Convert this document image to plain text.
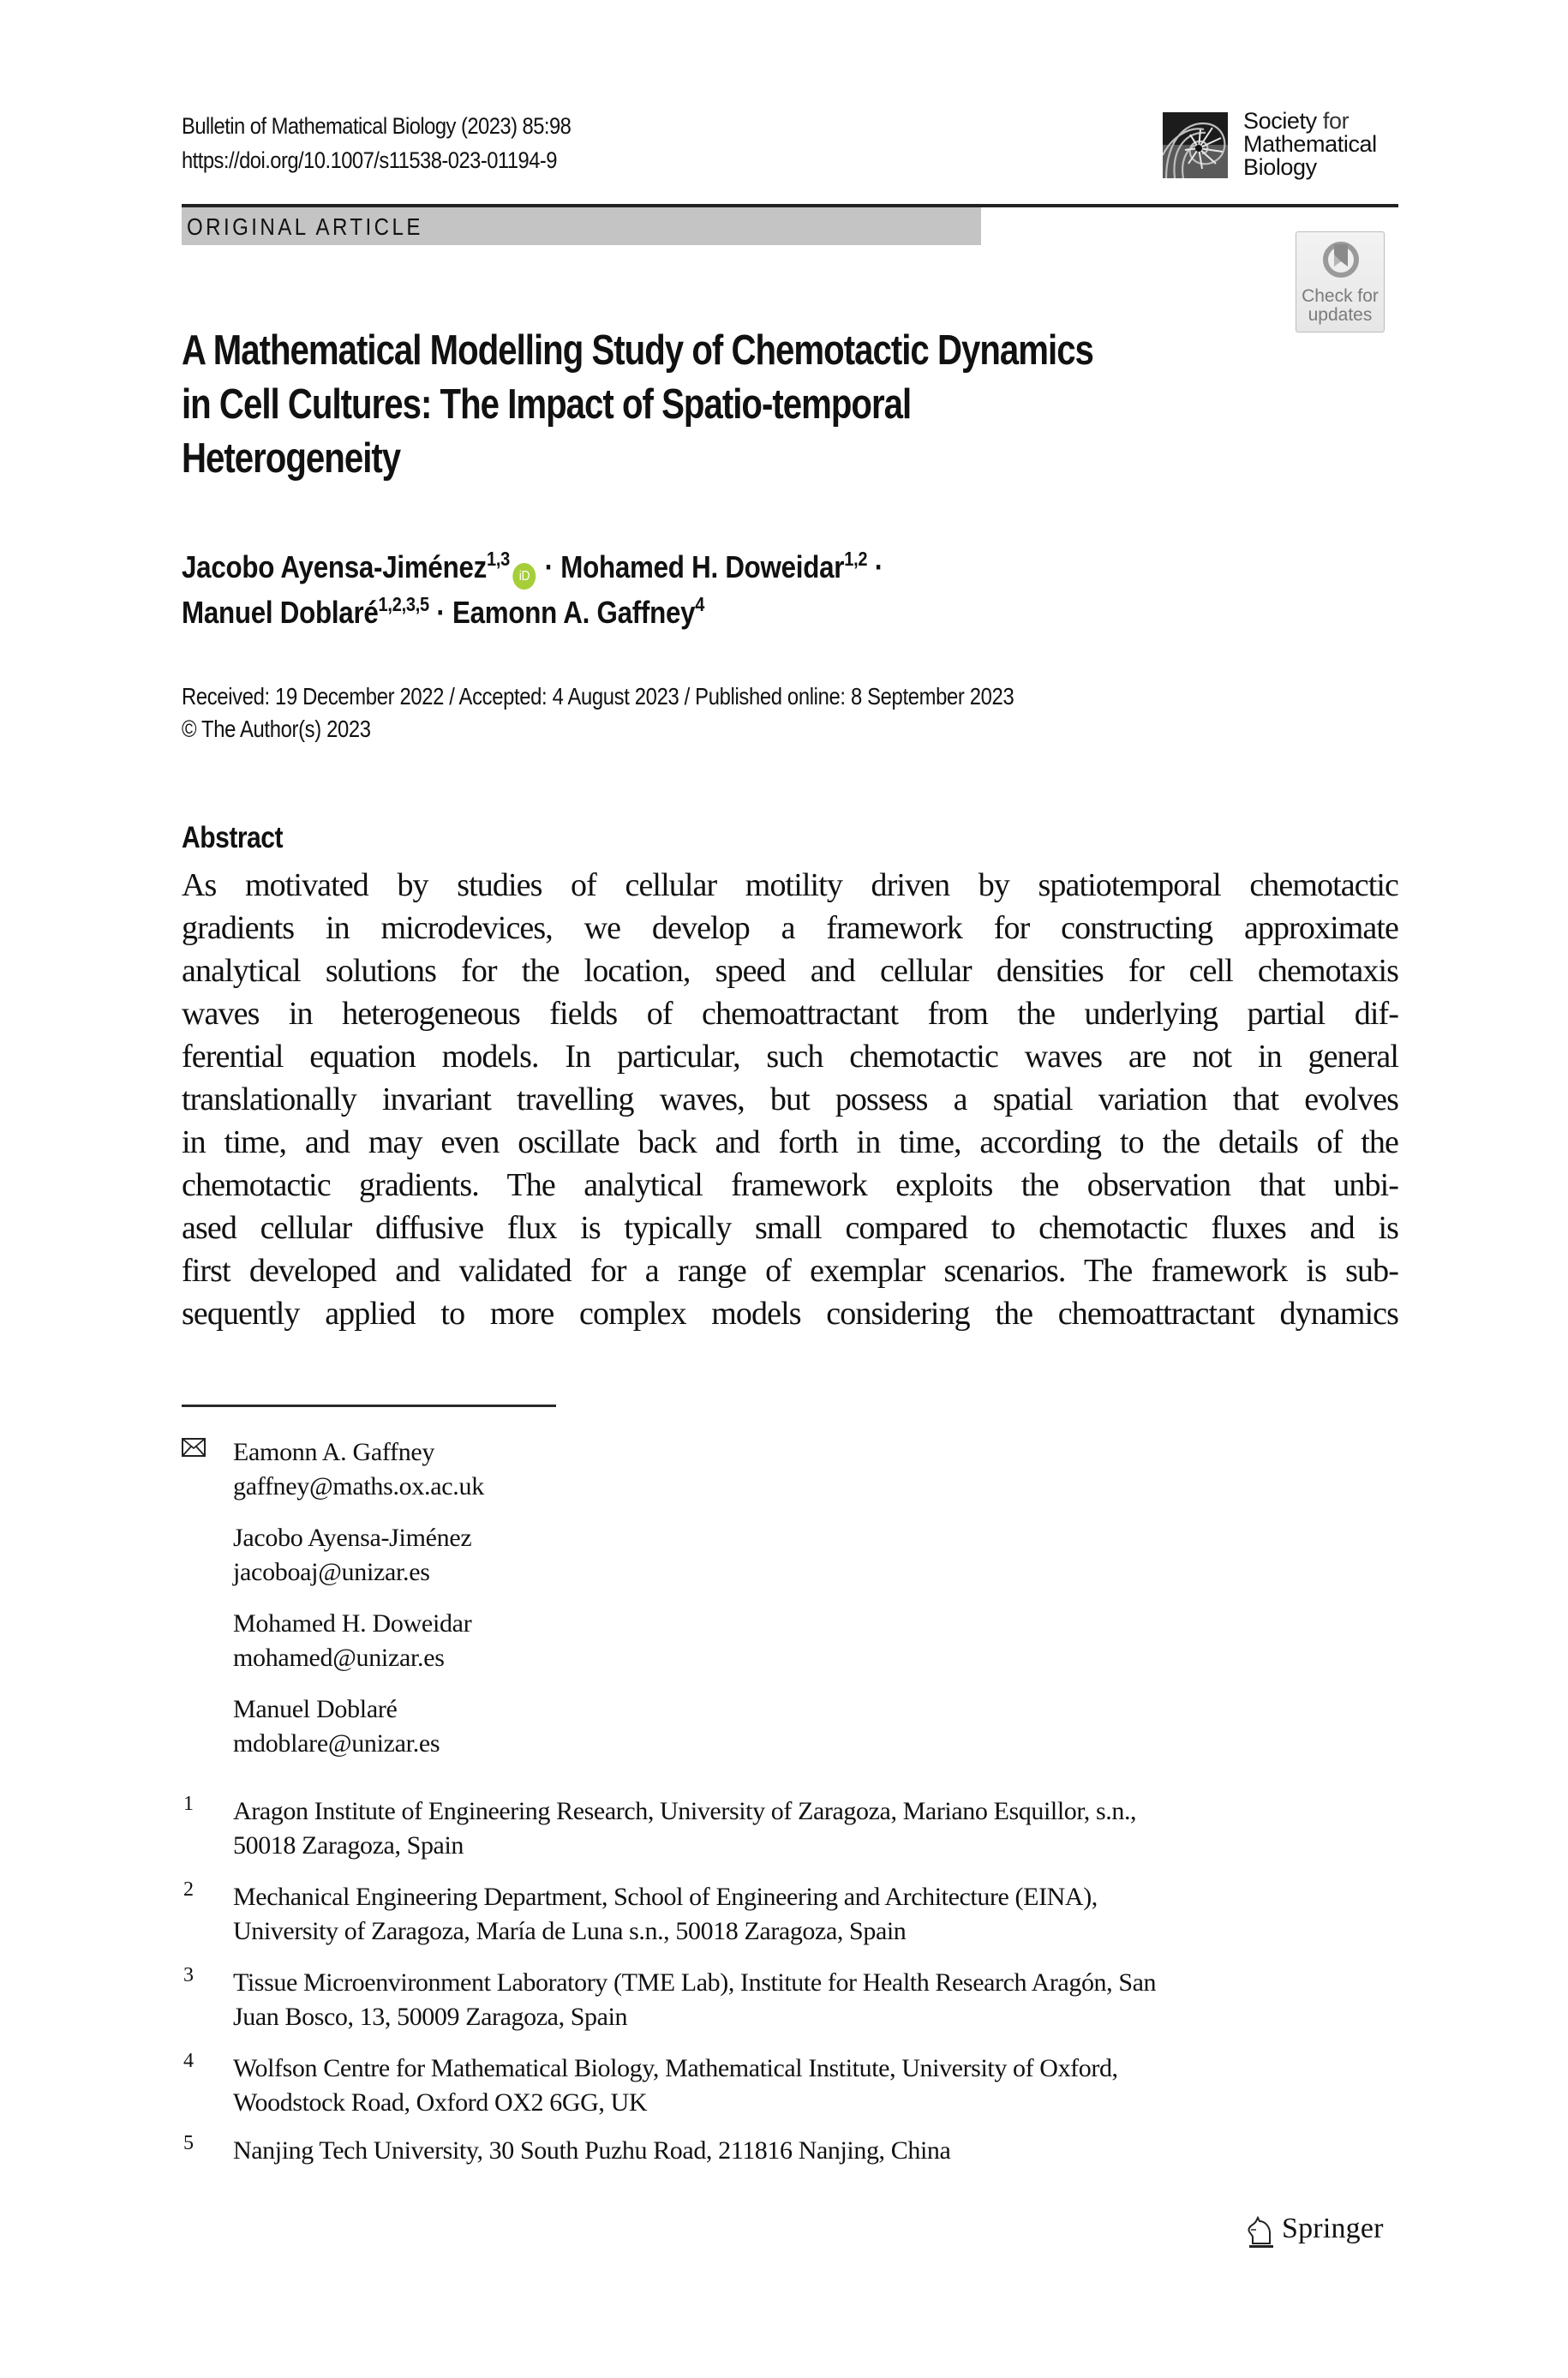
Bulletin of Mathematical Biology (2023) 85:98
https://doi.org/10.1007/s11538-023-01194-9
Society for
Mathematical
Biology
ORIGINAL ARTICLE
Check for
updates
A Mathematical Modelling Study of Chemotactic Dynamics
in Cell Cultures: The Impact of Spatio-temporal
Heterogeneity
Jacobo Ayensa-Jiménez$^{1,3}$iD · Mohamed H. Doweidar$^{1,2}$ ·
Manuel Doblaré$^{1,2,3,5}$ · Eamonn A. Gaffney$^4$
Received: 19 December 2022 / Accepted: 4 August 2023 / Published online: 8 September 2023
© The Author(s) 2023
Abstract
As motivated by studies of cellular motility driven by spatiotemporal chemotactic
gradients in microdevices, we develop a framework for constructing approximate
analytical solutions for the location, speed and cellular densities for cell chemotaxis
waves in heterogeneous fields of chemoattractant from the underlying partial dif-
ferential equation models. In particular, such chemotactic waves are not in general
translationally invariant travelling waves, but possess a spatial variation that evolves
in time, and may even oscillate back and forth in time, according to the details of the
chemotactic gradients. The analytical framework exploits the observation that unbi-
ased cellular diffusive flux is typically small compared to chemotactic fluxes and is
first developed and validated for a range of exemplar scenarios. The framework is sub-
sequently applied to more complex models considering the chemoattractant dynamics
Eamonn A. Gaffney
gaffney@maths.ox.ac.uk
Jacobo Ayensa-Jiménez
jacoboaj@unizar.es
Mohamed H. Doweidar
mohamed@unizar.es
Manuel Doblaré
mdoblare@unizar.es
1 Aragon Institute of Engineering Research, University of Zaragoza, Mariano Esquillor, s.n.,
50018 Zaragoza, Spain
2 Mechanical Engineering Department, School of Engineering and Architecture (EINA),
University of Zaragoza, María de Luna s.n., 50018 Zaragoza, Spain
3 Tissue Microenvironment Laboratory (TME Lab), Institute for Health Research Aragón, San
Juan Bosco, 13, 50009 Zaragoza, Spain
4 Wolfson Centre for Mathematical Biology, Mathematical Institute, University of Oxford,
Woodstock Road, Oxford OX2 6GG, UK
5 Nanjing Tech University, 30 South Puzhu Road, 211816 Nanjing, China
Springer
